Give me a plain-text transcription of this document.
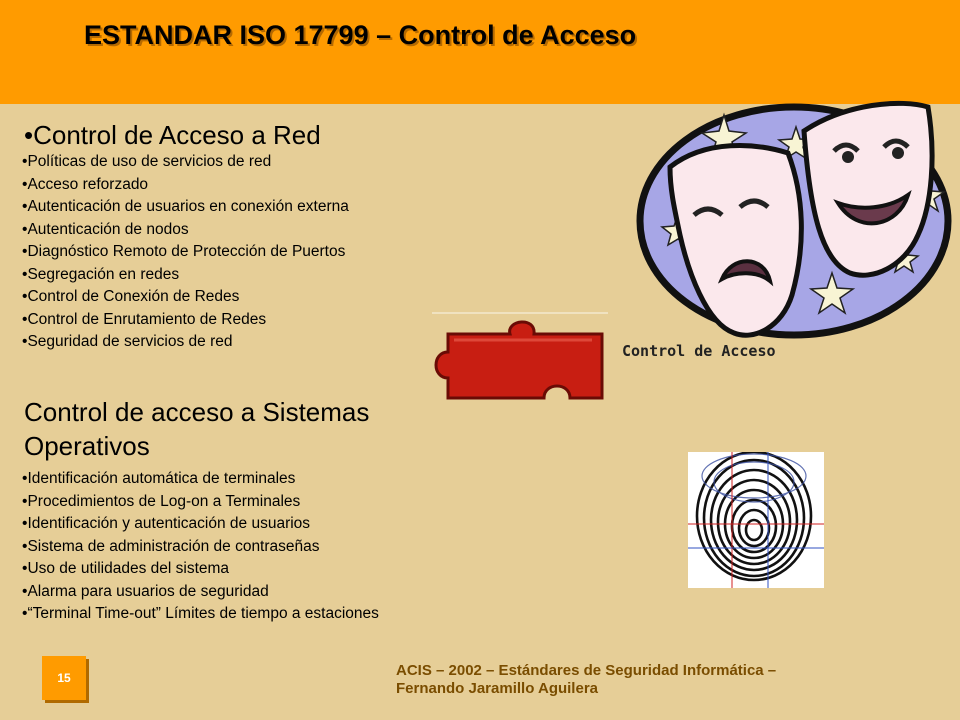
ESTANDAR ISO 17799 – Control de Acceso
•Control de Acceso a Red
• Políticas de uso de servicios de red
• Acceso reforzado
• Autenticación de usuarios en conexión externa
• Autenticación de nodos
• Diagnóstico Remoto de Protección de Puertos
• Segregación en redes
• Control de Conexión de Redes
• Control de Enrutamiento de Redes
• Seguridad de servicios de red
Control de acceso a Sistemas Operativos
• Identificación automática de terminales
• Procedimientos de Log-on a Terminales
• Identificación y autenticación de usuarios
• Sistema de administración de contraseñas
• Uso de utilidades del sistema
• Alarma para usuarios de seguridad
• “Terminal Time-out” Límites de tiempo a estaciones
Control de Acceso
15	ACIS – 2002 – Estándares de Seguridad Informática –
Fernando Jaramillo Aguilera
